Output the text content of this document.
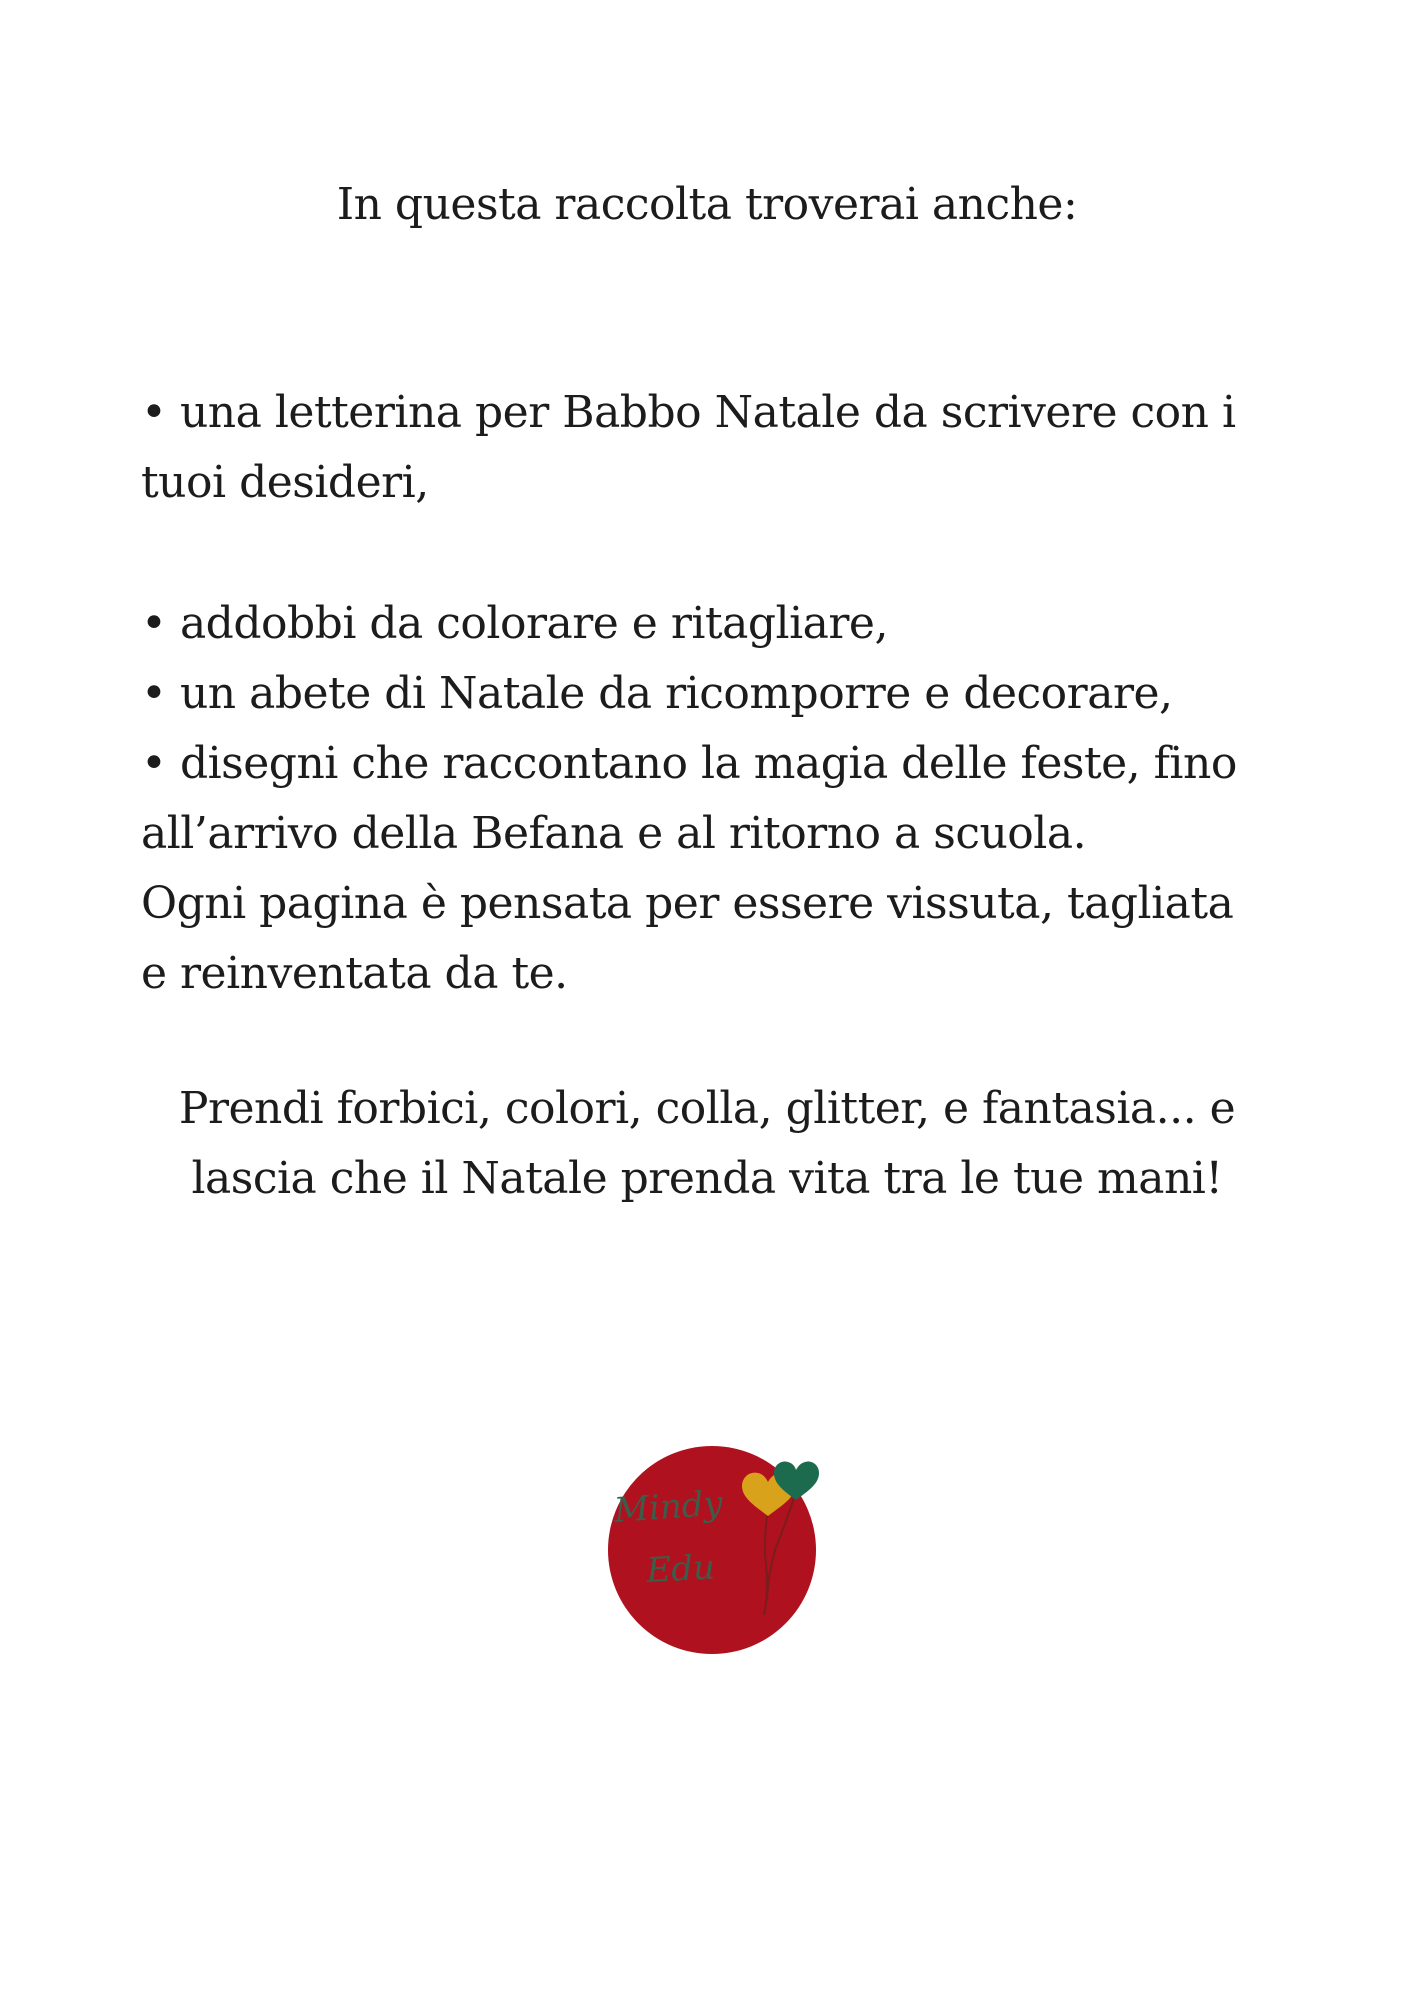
In questa raccolta troverai anche:

• una letterina per Babbo Natale da scrivere con i
tuoi desideri,

• addobbi da colorare e ritagliare,
• un abete di Natale da ricomporre e decorare,
• disegni che raccontano la magia delle feste, fino
all’arrivo della Befana e al ritorno a scuola.
Ogni pagina è pensata per essere vissuta, tagliata
e reinventata da te.

Prendi forbici, colori, colla, glitter, e fantasia... e
lascia che il Natale prenda vita tra le tue mani!

Mindy
Edu
